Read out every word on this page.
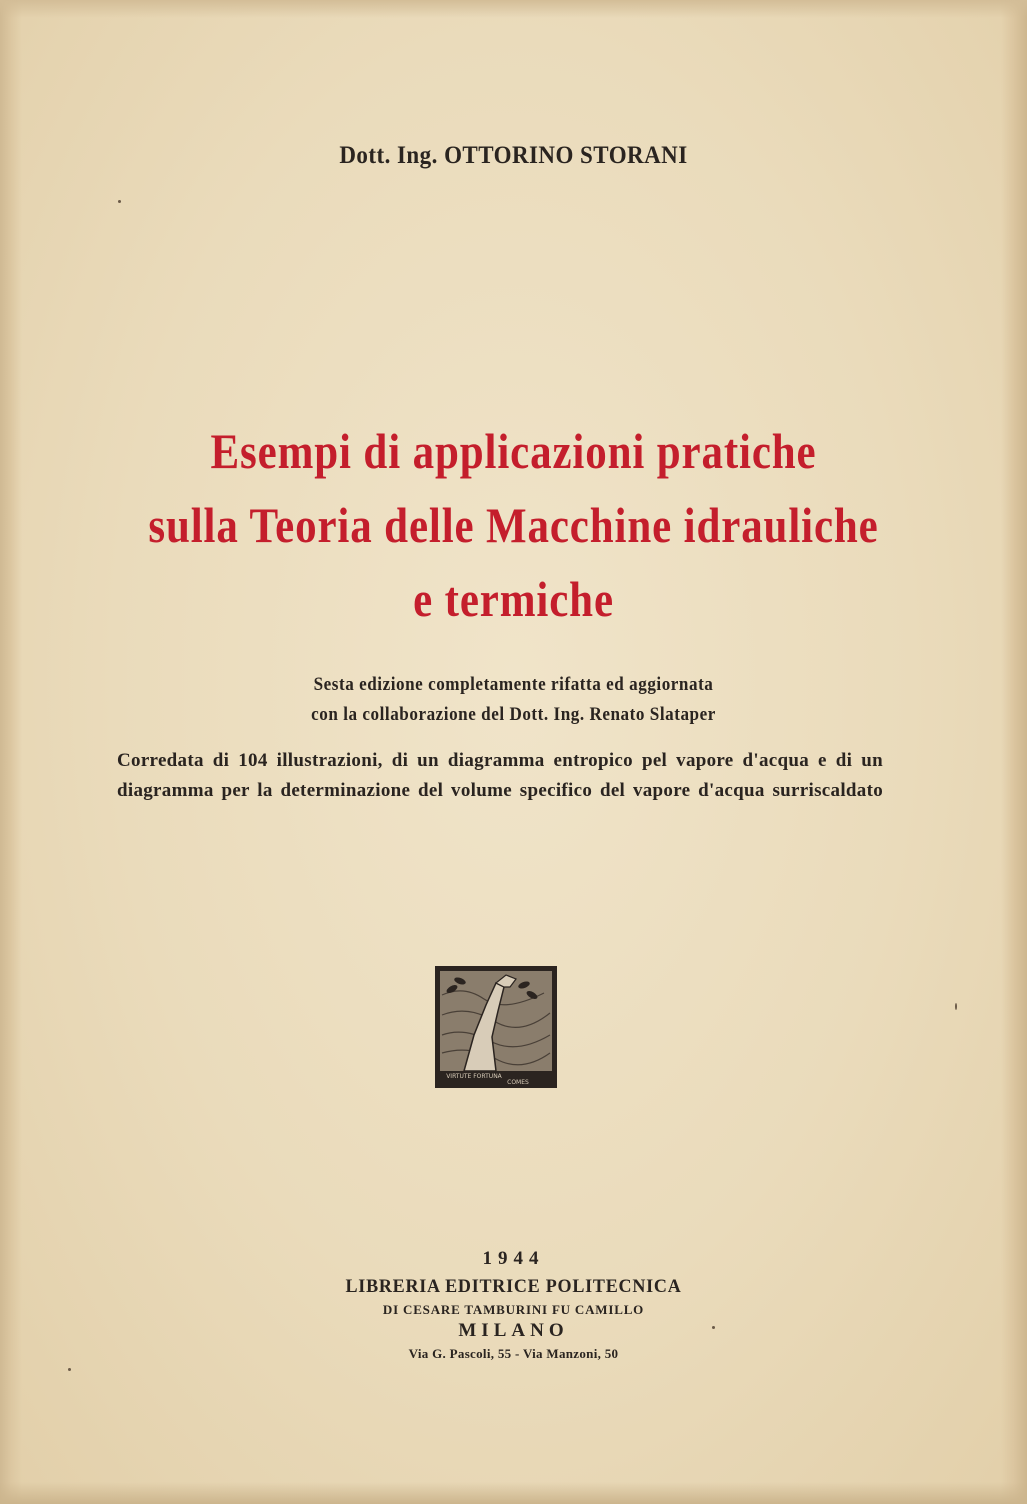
Dott. Ing. OTTORINO STORANI
Esempi di applicazioni pratiche
sulla Teoria delle Macchine idrauliche
e termiche
Sesta edizione completamente rifatta ed aggiornata
con la collaborazione del Dott. Ing. Renato Slataper
Corredata di 104 illustrazioni, di un diagramma entropico pel vapore d'acqua e di un
diagramma per la determinazione del volume specifico del vapore d'acqua surriscaldato
VIRTUTE FORTUNA
COMES
1944
LIBRERIA EDITRICE POLITECNICA
DI CESARE TAMBURINI FU CAMILLO
MILANO
Via G. Pascoli, 55 - Via Manzoni, 50
